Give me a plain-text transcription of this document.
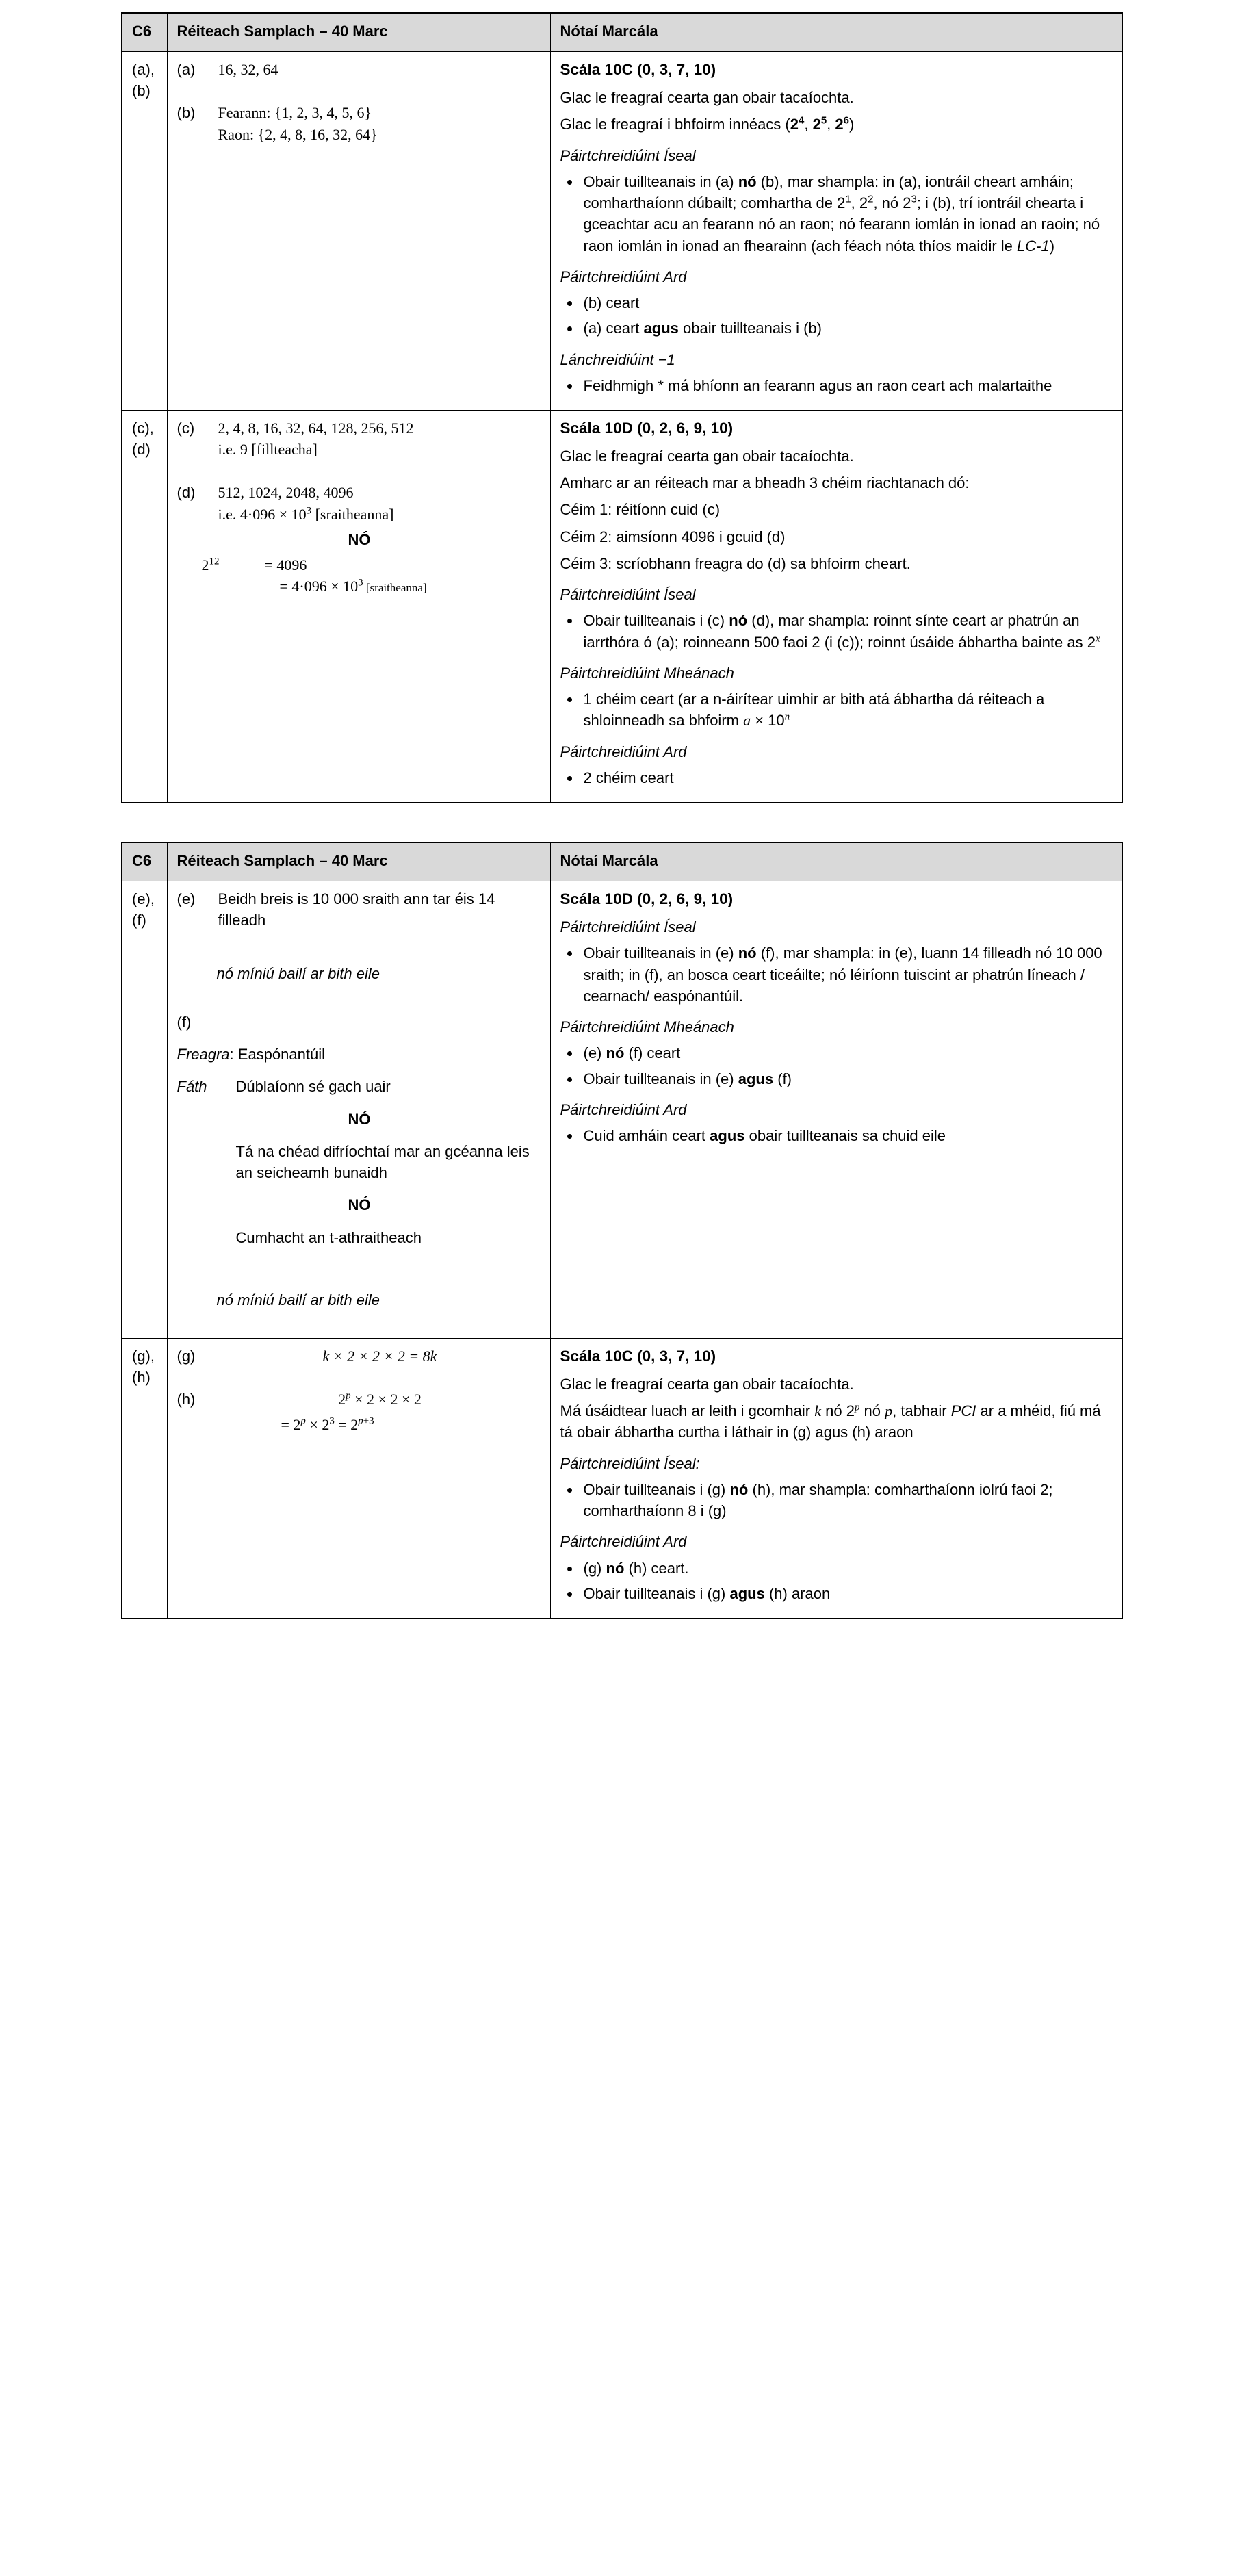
C6	Réiteach Samplach – 40 Marc	Nótaí Marcála

(a),
(b)

(a)	16, 32, 64
(b)	Fearann: {1, 2, 3, 4, 5, 6}
Raon: {2, 4, 8, 16, 32, 64}

Scála 10C (0, 3, 7, 10)
Glac le freagraí cearta gan obair tacaíochta.
Glac le freagraí i bhfoirm innéacs ($2^4$, $2^5$, $2^6$)
Páirtchreidiúint Íseal
• Obair tuillteanais in (a) nó (b), mar shampla: in (a), iontráil cheart amháin; comharthaíonn dúbailt; comhartha de $2^1$, $2^2$, nó $2^3$; i (b), trí iontráil chearta i gceachtar acu an fearann nó an raon; nó fearann iomlán in ionad an raoin; nó raon iomlán in ionad an fhearainn (ach féach nóta thíos maidir le LC-1)
Páirtchreidiúint Ard
• (b) ceart
• (a) ceart agus obair tuillteanais i (b)
Lánchreidiúint −1
• Feidhmigh * má bhíonn an fearann agus an raon ceart ach malartaithe

(c),
(d)

(c)	2, 4, 8, 16, 32, 64, 128, 256, 512
i.e. 9 [fillteacha]
(d)	512, 1024, 2048, 4096
i.e. $4\cdot 096 \times 10^3$ [sraitheanna]
NÓ
$2^{12}$	= 4096
= $4\cdot 096 \times 10^3$ [sraitheanna]

Scála 10D (0, 2, 6, 9, 10)
Glac le freagraí cearta gan obair tacaíochta.
Amharc ar an réiteach mar a bheadh 3 chéim riachtanach dó:
Céim 1: réitíonn cuid (c)
Céim 2: aimsíonn 4096 i gcuid (d)
Céim 3: scríobhann freagra do (d) sa bhfoirm cheart.
Páirtchreidiúint Íseal
• Obair tuillteanais i (c) nó (d), mar shampla: roinnt sínte ceart ar phatrún an iarrthóra ó (a); roinneann 500 faoi 2 (i (c)); roinnt úsáide ábhartha bainte as 2$^x$
Páirtchreidiúint Mheánach
• 1 chéim ceart (ar a n-áirítear uimhir ar bith atá ábhartha dá réiteach a shloinneadh sa bhfoirm $a \times 10^n$
Páirtchreidiúint Ard
• 2 chéim ceart
C6	Réiteach Samplach – 40 Marc	Nótaí Marcála

(e),
(f)

(e)	Beidh breis is 10 000 sraith ann tar éis 14 filleadh
nó míniú bailí ar bith eile
(f)
Freagra: Easpónantúil
Fáth Dúblaíonn sé gach uair
NÓ
Tá na chéad difríochtaí mar an gcéanna leis an seicheamh bunaidh
NÓ
Cumhacht an t-athraitheach
nó míniú bailí ar bith eile

Scála 10D (0, 2, 6, 9, 10)
Páirtchreidiúint Íseal
• Obair tuillteanais in (e) nó (f), mar shampla: in (e), luann 14 filleadh nó 10 000 sraith; in (f), an bosca ceart ticeáilte; nó léiríonn tuiscint ar phatrún líneach / cearnach/ easpónantúil.
Páirtchreidiúint Mheánach
• (e) nó (f) ceart
• Obair tuillteanais in (e) agus (f)
Páirtchreidiúint Ard
• Cuid amháin ceart agus obair tuillteanais sa chuid eile

(g),
(h)

(g)	k × 2 × 2 × 2 = 8k
(h)	$2^p \times 2 \times 2 \times 2$
= $2^p \times 2^3 = 2^{p+3}$

Scála 10C (0, 3, 7, 10)
Glac le freagraí cearta gan obair tacaíochta.
Má úsáidtear luach ar leith i gcomhair k nó 2$^p$ nó p, tabhair PCI ar a mhéid, fiú má tá obair ábhartha curtha i láthair in (g) agus (h) araon
Páirtchreidiúint Íseal:
• Obair tuillteanais i (g) nó (h), mar shampla: comharthaíonn iolrú faoi 2; comharthaíonn 8 i (g)
Páirtchreidiúint Ard
• (g) nó (h) ceart.
• Obair tuillteanais i (g) agus (h) araon
